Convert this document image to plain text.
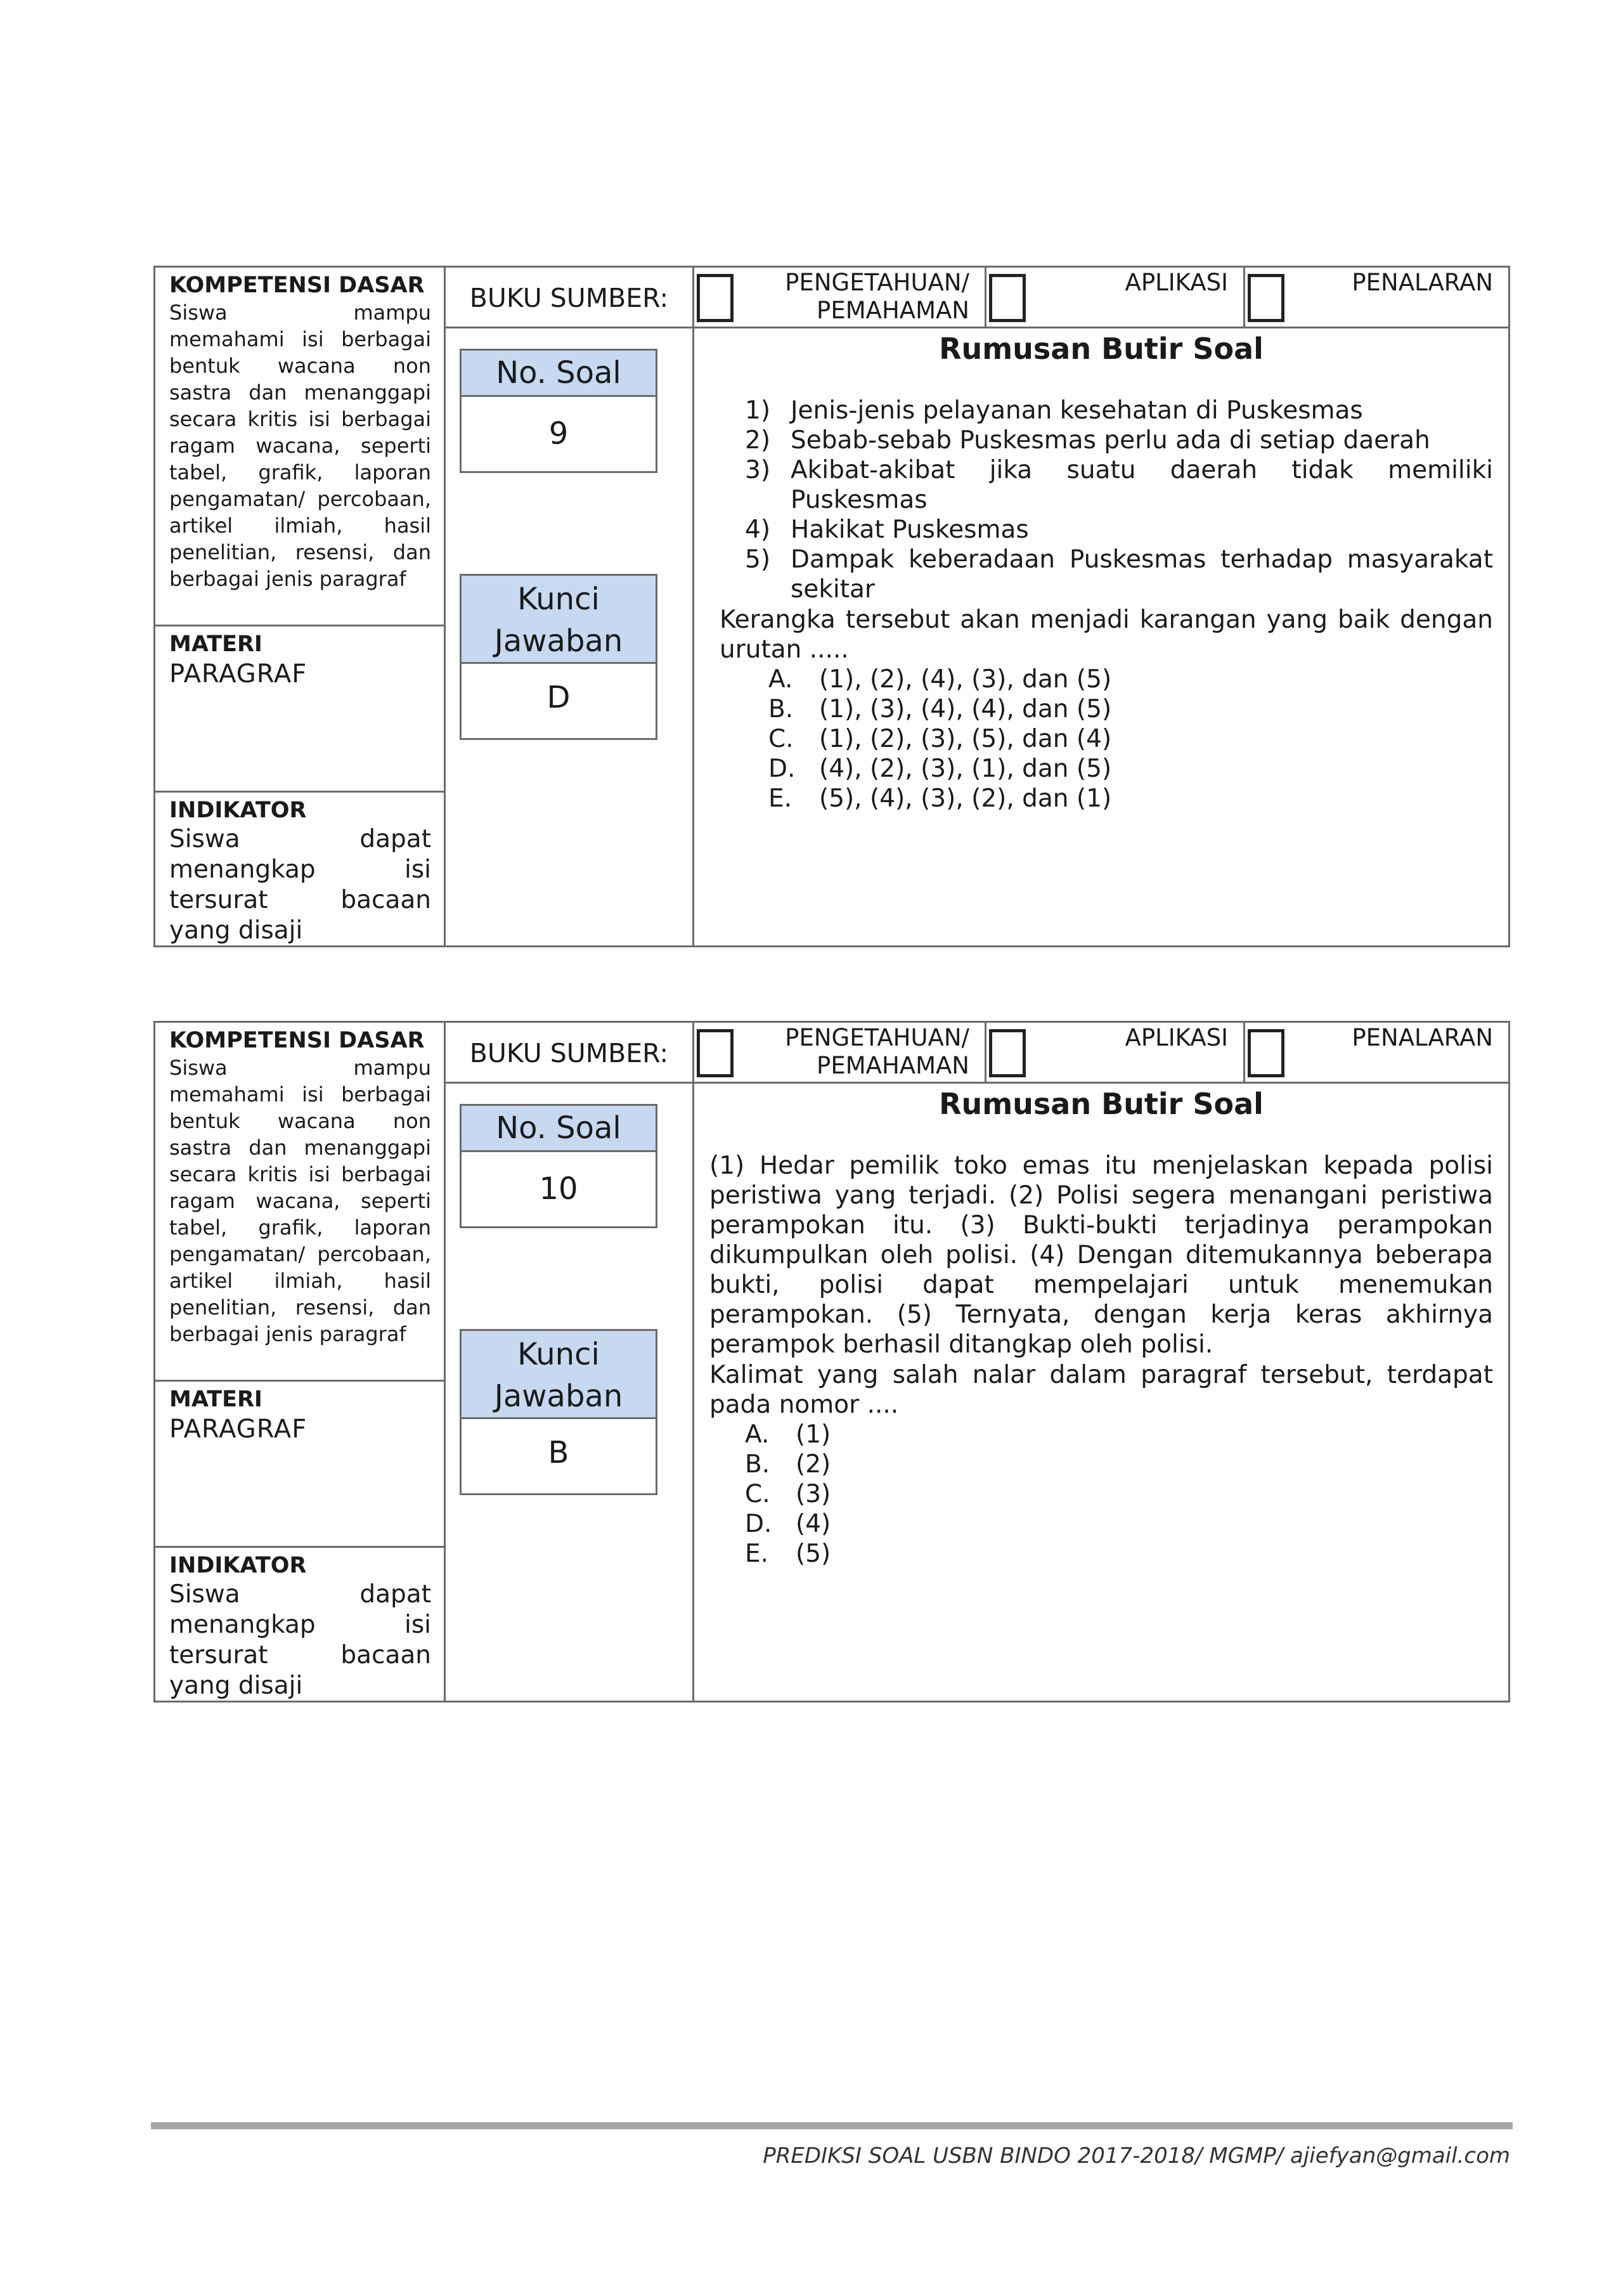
KOMPETENSI DASAR
Siswa mampu memahami isi berbagai bentuk wacana non sastra dan menanggapi secara kritis isi berbagai ragam wacana, seperti tabel, grafik, laporan pengamatan/ percobaan, artikel ilmiah, hasil penelitian, resensi, dan berbagai jenis paragraf
MATERI
PARAGRAF
INDIKATOR
Siswa dapat menangkap isi tersurat bacaan yang disaji
BUKU SUMBER:
No. Soal
9
Kunci
Jawaban
D
PENGETAHUAN/
PEMAHAMAN
APLIKASI	PENALARAN
Rumusan Butir Soal
1) Jenis-jenis pelayanan kesehatan di Puskesmas
2) Sebab-sebab Puskesmas perlu ada di setiap daerah
3) Akibat-akibat jika suatu daerah tidak memiliki Puskesmas
4) Hakikat Puskesmas
5) Dampak keberadaan Puskesmas terhadap masyarakat sekitar
Kerangka tersebut akan menjadi karangan yang baik dengan urutan .....
A. (1), (2), (4), (3), dan (5)
B. (1), (3), (4), (4), dan (5)
C. (1), (2), (3), (5), dan (4)
D. (4), (2), (3), (1), dan (5)
E. (5), (4), (3), (2), dan (1)
KOMPETENSI DASAR
Siswa mampu memahami isi berbagai bentuk wacana non sastra dan menanggapi secara kritis isi berbagai ragam wacana, seperti tabel, grafik, laporan pengamatan/ percobaan, artikel ilmiah, hasil penelitian, resensi, dan berbagai jenis paragraf
MATERI
PARAGRAF
INDIKATOR
Siswa dapat menangkap isi tersurat bacaan yang disaji
BUKU SUMBER:
No. Soal
10
Kunci
Jawaban
B
PENGETAHUAN/
PEMAHAMAN
APLIKASI	PENALARAN
Rumusan Butir Soal
(1) Hedar pemilik toko emas itu menjelaskan kepada polisi peristiwa yang terjadi. (2) Polisi segera menangani peristiwa perampokan itu. (3) Bukti-bukti terjadinya perampokan dikumpulkan oleh polisi. (4) Dengan ditemukannya beberapa bukti, polisi dapat mempelajari untuk menemukan perampokan. (5) Ternyata, dengan kerja keras akhirnya perampok berhasil ditangkap oleh polisi.
Kalimat yang salah nalar dalam paragraf tersebut, terdapat pada nomor ....
A. (1)
B. (2)
C. (3)
D. (4)
E. (5)
PREDIKSI SOAL USBN BINDO 2017-2018/ MGMP/ ajiefyan@gmail.com
